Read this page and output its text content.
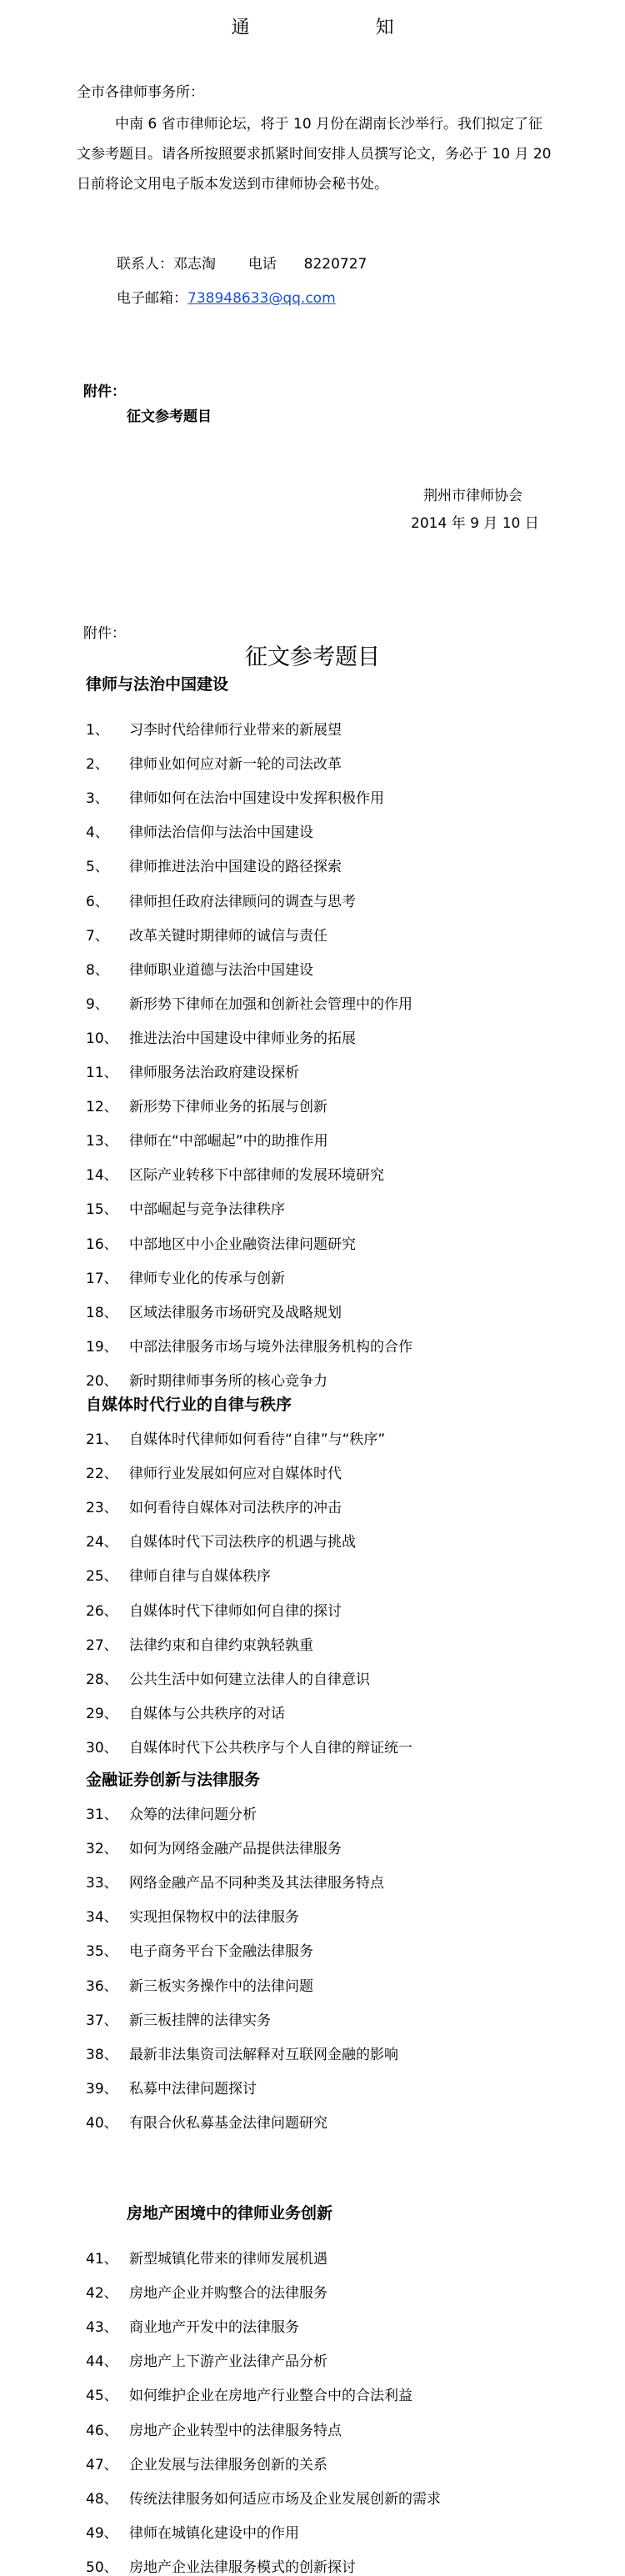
通 知
全市各律师事务所：
中南 6 省市律师论坛，将于 10 月份在湖南长沙举行。我们拟定了征文参考题目。请各所按照要求抓紧时间安排人员撰写论文，务必于 10 月 20 日前将论文用电子版本发送到市律师协会秘书处。
联系人：邓志淘 电话 8220727
电子邮箱：738948633@qq.com
附件：
征文参考题目
荆州市律师协会
2014 年 9 月 10 日
附件：
征文参考题目
律师与法治中国建设
1、 习李时代给律师行业带来的新展望
2、 律师业如何应对新一轮的司法改革
3、 律师如何在法治中国建设中发挥积极作用
4、 律师法治信仰与法治中国建设
5、 律师推进法治中国建设的路径探索
6、 律师担任政府法律顾问的调查与思考
7、 改革关键时期律师的诚信与责任
8、 律师职业道德与法治中国建设
9、 新形势下律师在加强和创新社会管理中的作用
10、 推进法治中国建设中律师业务的拓展
11、 律师服务法治政府建设探析
12、 新形势下律师业务的拓展与创新
13、 律师在“中部崛起”中的助推作用
14、 区际产业转移下中部律师的发展环境研究
15、 中部崛起与竞争法律秩序
16、 中部地区中小企业融资法律问题研究
17、 律师专业化的传承与创新
18、 区域法律服务市场研究及战略规划
19、 中部法律服务市场与境外法律服务机构的合作
20、 新时期律师事务所的核心竞争力
自媒体时代行业的自律与秩序
21、 自媒体时代律师如何看待“自律”与“秩序”
22、 律师行业发展如何应对自媒体时代
23、 如何看待自媒体对司法秩序的冲击
24、 自媒体时代下司法秩序的机遇与挑战
25、 律师自律与自媒体秩序
26、 自媒体时代下律师如何自律的探讨
27、 法律约束和自律约束孰轻孰重
28、 公共生活中如何建立法律人的自律意识
29、 自媒体与公共秩序的对话
30、 自媒体时代下公共秩序与个人自律的辩证统一
金融证券创新与法律服务
31、 众筹的法律问题分析
32、 如何为网络金融产品提供法律服务
33、 网络金融产品不同种类及其法律服务特点
34、 实现担保物权中的法律服务
35、 电子商务平台下金融法律服务
36、 新三板实务操作中的法律问题
37、 新三板挂牌的法律实务
38、 最新非法集资司法解释对互联网金融的影响
39、 私募中法律问题探讨
40、 有限合伙私募基金法律问题研究
房地产困境中的律师业务创新
41、 新型城镇化带来的律师发展机遇
42、 房地产企业并购整合的法律服务
43、 商业地产开发中的法律服务
44、 房地产上下游产业法律产品分析
45、 如何维护企业在房地产行业整合中的合法利益
46、 房地产企业转型中的法律服务特点
47、 企业发展与法律服务创新的关系
48、 传统法律服务如何适应市场及企业发展创新的需求
49、 律师在城镇化建设中的作用
50、 房地产企业法律服务模式的创新探讨
